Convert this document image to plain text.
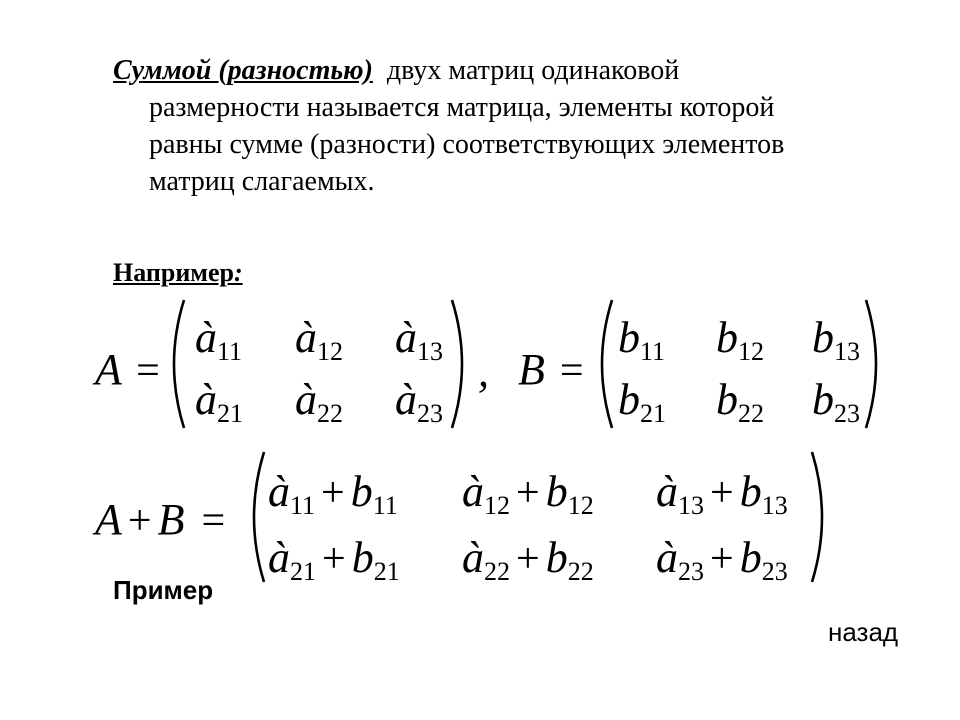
Суммой (разностью) двух матриц одинаковой
размерности называется матрица, элементы которой
равны сумме (разности) соответствующих элементов
матриц слагаемых.
Например:
A =
$à_{11}$ $à_{12}$ $à_{13}$
$à_{21}$ $à_{22}$ $à_{23}$
, B =
$b_{11}$ $b_{12}$ $b_{13}$
$b_{21}$ $b_{22}$ $b_{23}$
A + B =
$à_{11} + b_{11}$ $à_{12} + b_{12}$ $à_{13} + b_{13}$
$à_{21} + b_{21}$ $à_{22} + b_{22}$ $à_{23} + b_{23}$
Пример
назад
